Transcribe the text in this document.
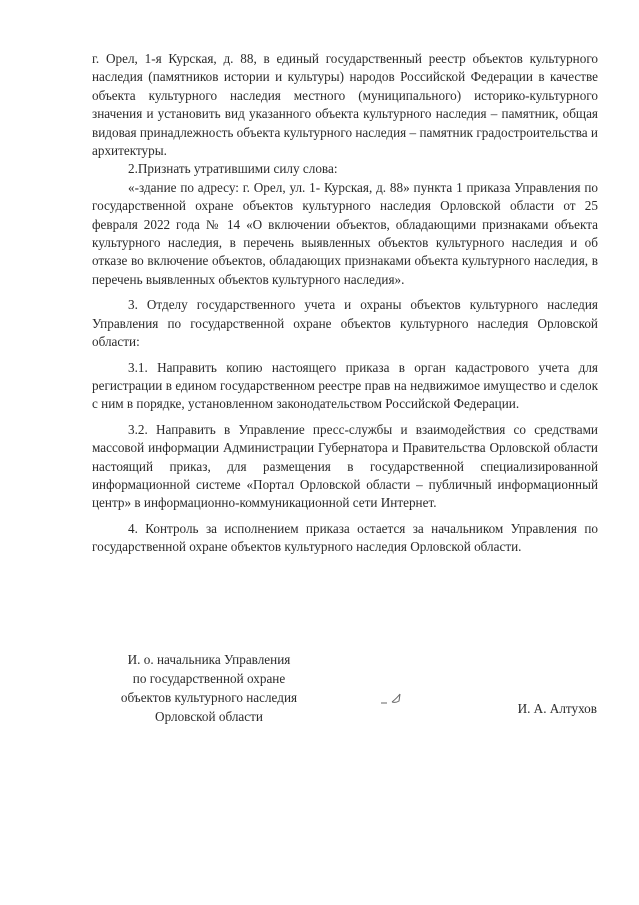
г. Орел, 1-я Курская, д. 88, в единый государственный реестр объектов культурного наследия (памятников истории и культуры) народов Российской Федерации в качестве объекта культурного наследия местного (муниципального) историко-культурного значения и установить вид указанного объекта культурного наследия – памятник, общая видовая принадлежность объекта культурного наследия – памятник градостроительства и архитектуры.

2.Признать утратившими силу слова:

«-здание по адресу: г. Орел, ул. 1- Курская, д. 88» пункта 1 приказа Управления по государственной охране объектов культурного наследия Орловской области от 25 февраля 2022 года № 14 «О включении объектов, обладающими признаками объекта культурного наследия, в перечень выявленных объектов культурного наследия и об отказе во включение объектов, обладающих признаками объекта культурного наследия, в перечень выявленных объектов культурного наследия».

3. Отделу государственного учета и охраны объектов культурного наследия Управления по государственной охране объектов культурного наследия Орловской области:

3.1. Направить копию настоящего приказа в орган кадастрового учета для регистрации в едином государственном реестре прав на недвижимое имущество и сделок с ним в порядке, установленном законодательством Российской Федерации.

3.2. Направить в Управление пресс-службы и взаимодействия со средствами массовой информации Администрации Губернатора и Правительства Орловской области настоящий приказ, для размещения в государственной специализированной информационной системе «Портал Орловской области – публичный информационный центр» в информационно-коммуникационной сети Интернет.

4. Контроль за исполнением приказа остается за начальником Управления по государственной охране объектов культурного наследия Орловской области.

И. о. начальника Управления
по государственной охране
объектов культурного наследия
Орловской области
И. А. Алтухов
